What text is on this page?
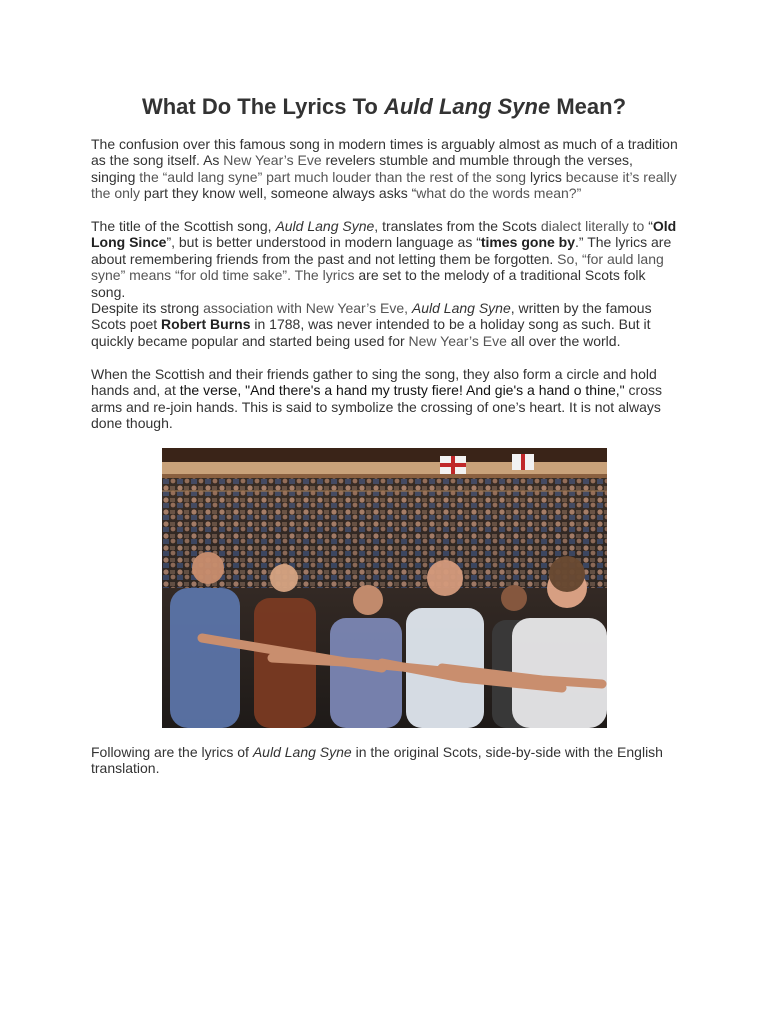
What Do The Lyrics To Auld Lang Syne Mean?

The confusion over this famous song in modern times is arguably almost as much of a tradition as the song itself. As New Year’s Eve revelers stumble and mumble through the verses, singing the “auld lang syne” part much louder than the rest of the song lyrics because it’s really the only part they know well, someone always asks “what do the words mean?”

The title of the Scottish song, Auld Lang Syne, translates from the Scots dialect literally to “Old Long Since”, but is better understood in modern language as “times gone by.” The lyrics are about remembering friends from the past and not letting them be forgotten. So, “for auld lang syne” means “for old time sake”. The lyrics are set to the melody of a traditional Scots folk song.

Despite its strong association with New Year’s Eve, Auld Lang Syne, written by the famous Scots poet Robert Burns in 1788, was never intended to be a holiday song as such. But it quickly became popular and started being used for New Year’s Eve all over the world.

When the Scottish and their friends gather to sing the song, they also form a circle and hold hands and, at the verse, "And there's a hand my trusty fiere! And gie's a hand o thine," cross arms and re-join hands. This is said to symbolize the crossing of one’s heart. It is not always done though.

Following are the lyrics of Auld Lang Syne in the original Scots, side-by-side with the English translation.
